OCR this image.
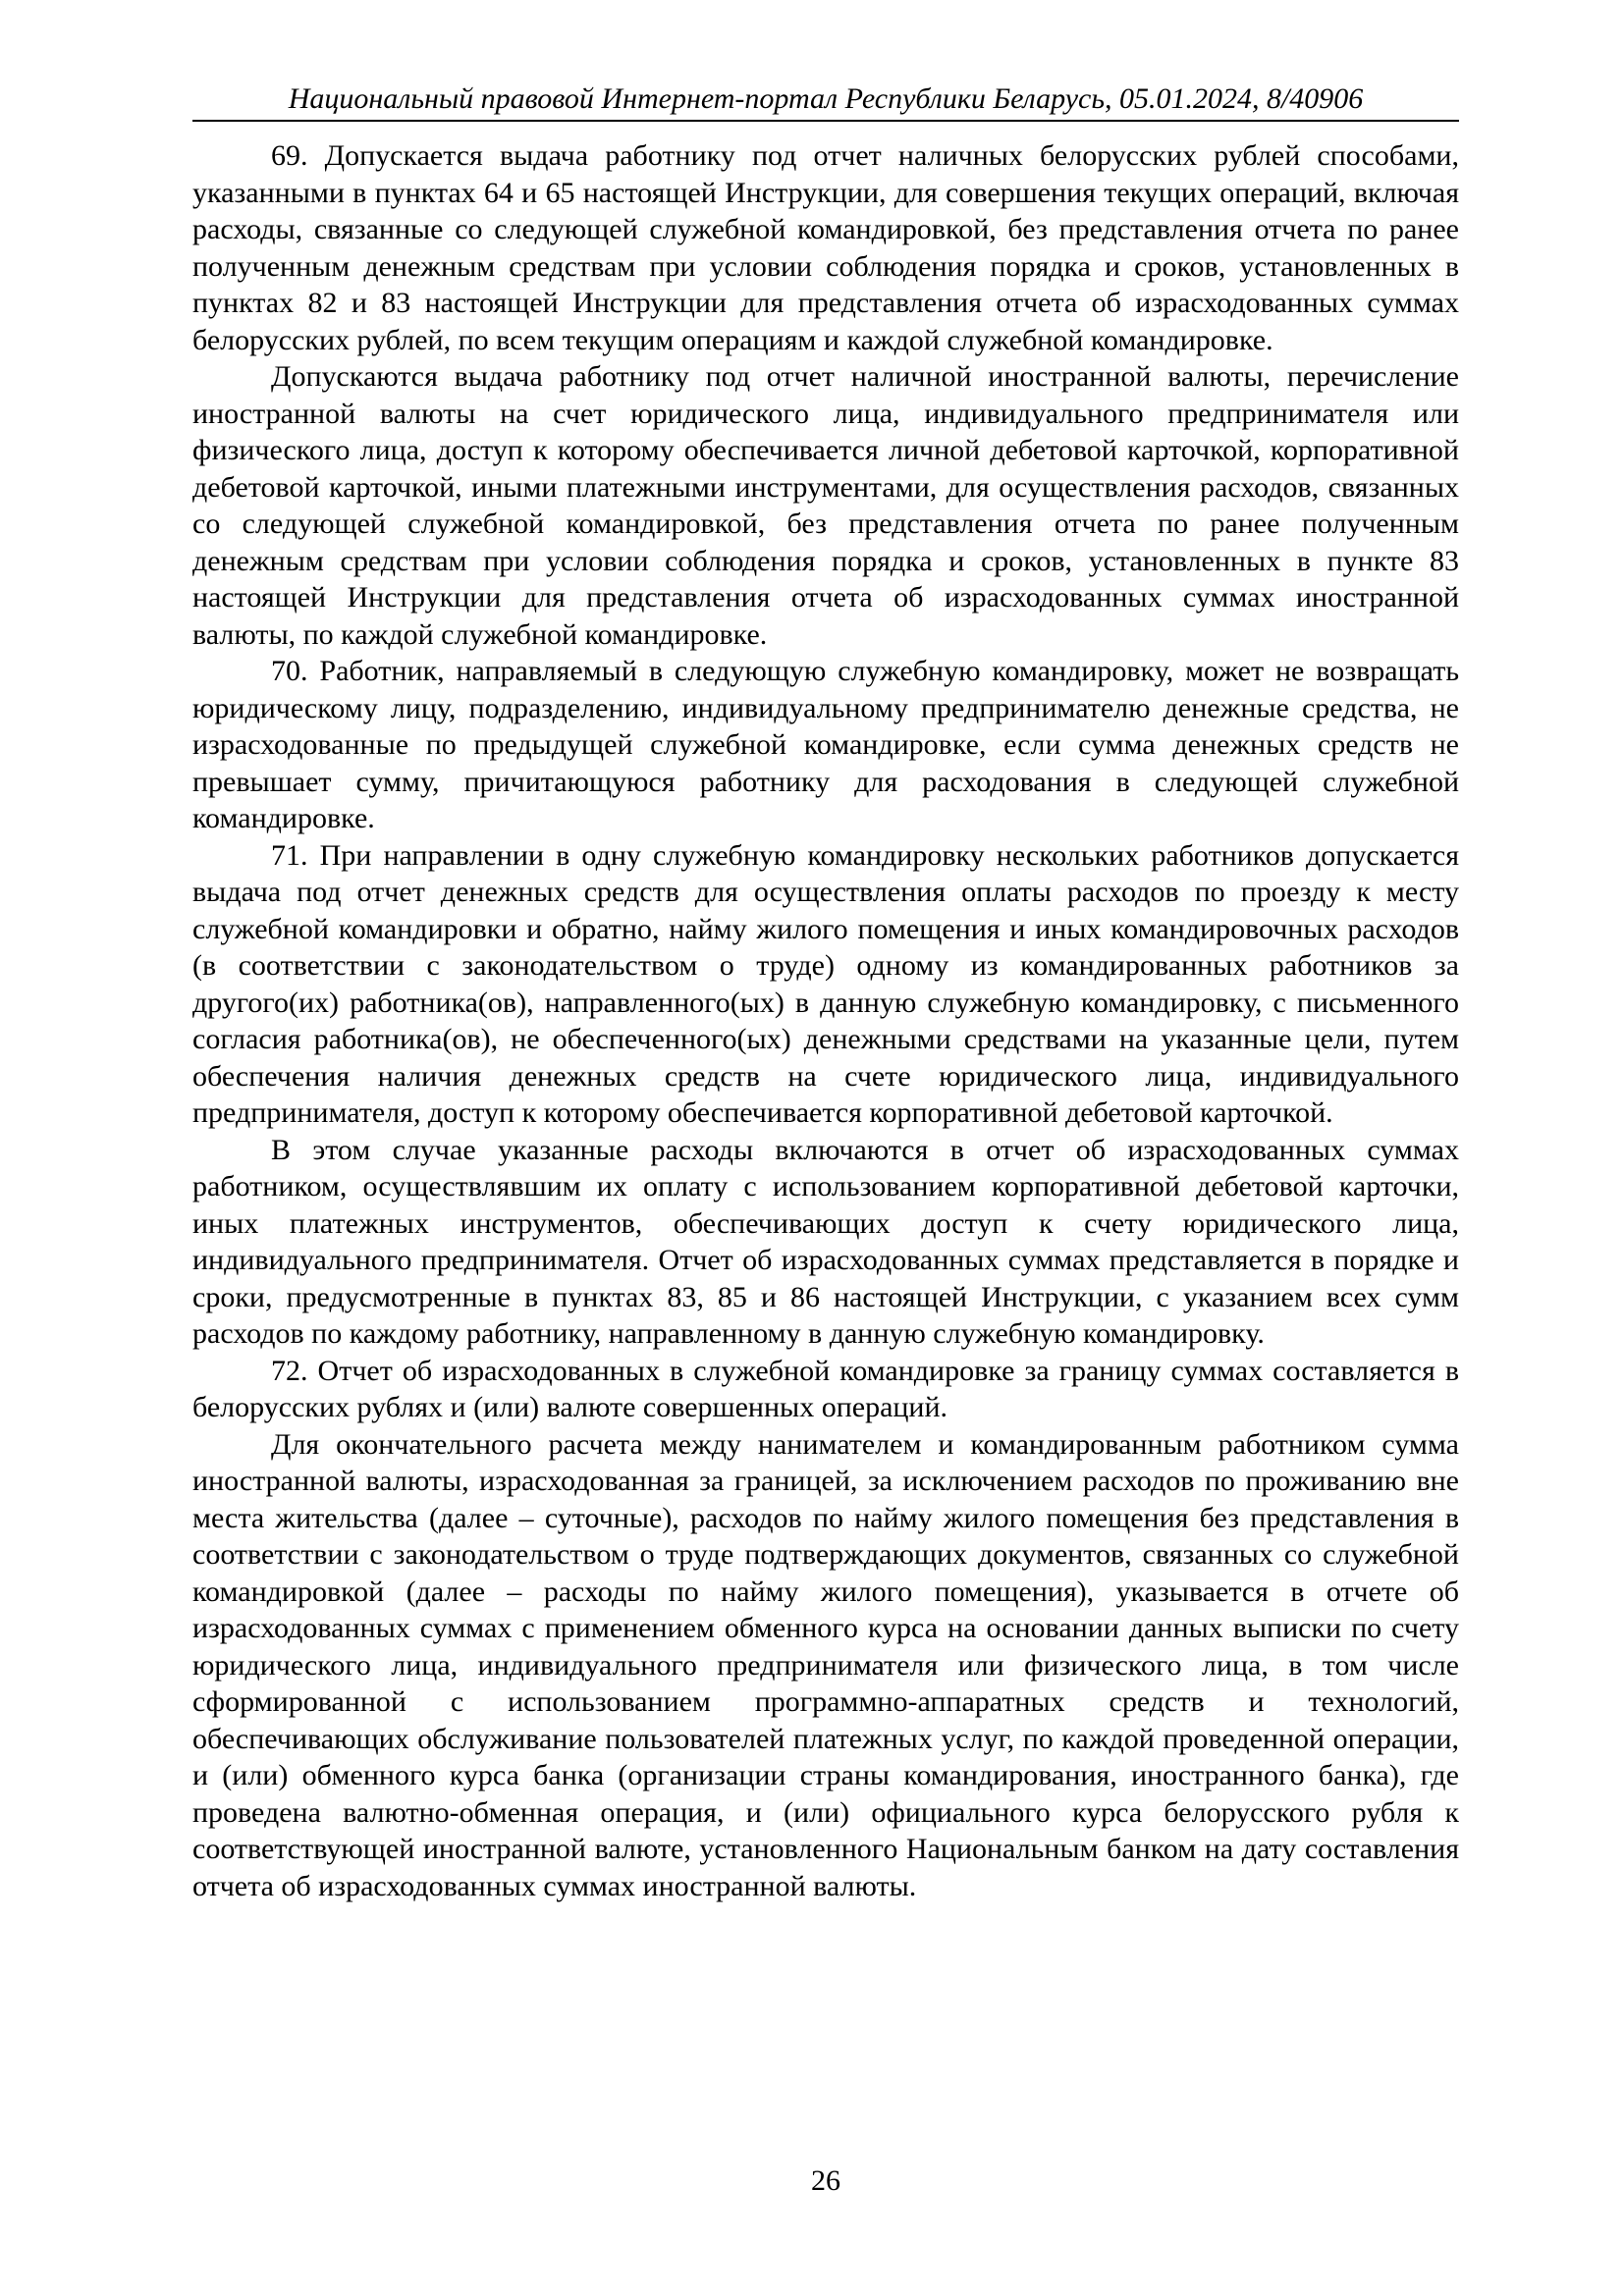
Национальный правовой Интернет-портал Республики Беларусь, 05.01.2024, 8/40906

69. Допускается выдача работнику под отчет наличных белорусских рублей способами, указанными в пунктах 64 и 65 настоящей Инструкции, для совершения текущих операций, включая расходы, связанные со следующей служебной командировкой, без представления отчета по ранее полученным денежным средствам при условии соблюдения порядка и сроков, установленных в пунктах 82 и 83 настоящей Инструкции для представления отчета об израсходованных суммах белорусских рублей, по всем текущим операциям и каждой служебной командировке.

Допускаются выдача работнику под отчет наличной иностранной валюты, перечисление иностранной валюты на счет юридического лица, индивидуального предпринимателя или физического лица, доступ к которому обеспечивается личной дебетовой карточкой, корпоративной дебетовой карточкой, иными платежными инструментами, для осуществления расходов, связанных со следующей служебной командировкой, без представления отчета по ранее полученным денежным средствам при условии соблюдения порядка и сроков, установленных в пункте 83 настоящей Инструкции для представления отчета об израсходованных суммах иностранной валюты, по каждой служебной командировке.

70. Работник, направляемый в следующую служебную командировку, может не возвращать юридическому лицу, подразделению, индивидуальному предпринимателю денежные средства, не израсходованные по предыдущей служебной командировке, если сумма денежных средств не превышает сумму, причитающуюся работнику для расходования в следующей служебной командировке.

71. При направлении в одну служебную командировку нескольких работников допускается выдача под отчет денежных средств для осуществления оплаты расходов по проезду к месту служебной командировки и обратно, найму жилого помещения и иных командировочных расходов (в соответствии с законодательством о труде) одному из командированных работников за другого(их) работника(ов), направленного(ых) в данную служебную командировку, с письменного согласия работника(ов), не обеспеченного(ых) денежными средствами на указанные цели, путем обеспечения наличия денежных средств на счете юридического лица, индивидуального предпринимателя, доступ к которому обеспечивается корпоративной дебетовой карточкой.

В этом случае указанные расходы включаются в отчет об израсходованных суммах работником, осуществлявшим их оплату с использованием корпоративной дебетовой карточки, иных платежных инструментов, обеспечивающих доступ к счету юридического лица, индивидуального предпринимателя. Отчет об израсходованных суммах представляется в порядке и сроки, предусмотренные в пунктах 83, 85 и 86 настоящей Инструкции, с указанием всех сумм расходов по каждому работнику, направленному в данную служебную командировку.

72. Отчет об израсходованных в служебной командировке за границу суммах составляется в белорусских рублях и (или) валюте совершенных операций.

Для окончательного расчета между нанимателем и командированным работником сумма иностранной валюты, израсходованная за границей, за исключением расходов по проживанию вне места жительства (далее – суточные), расходов по найму жилого помещения без представления в соответствии с законодательством о труде подтверждающих документов, связанных со служебной командировкой (далее – расходы по найму жилого помещения), указывается в отчете об израсходованных суммах с применением обменного курса на основании данных выписки по счету юридического лица, индивидуального предпринимателя или физического лица, в том числе сформированной с использованием программно-аппаратных средств и технологий, обеспечивающих обслуживание пользователей платежных услуг, по каждой проведенной операции, и (или) обменного курса банка (организации страны командирования, иностранного банка), где проведена валютно-обменная операция, и (или) официального курса белорусского рубля к соответствующей иностранной валюте, установленного Национальным банком на дату составления отчета об израсходованных суммах иностранной валюты.

26
